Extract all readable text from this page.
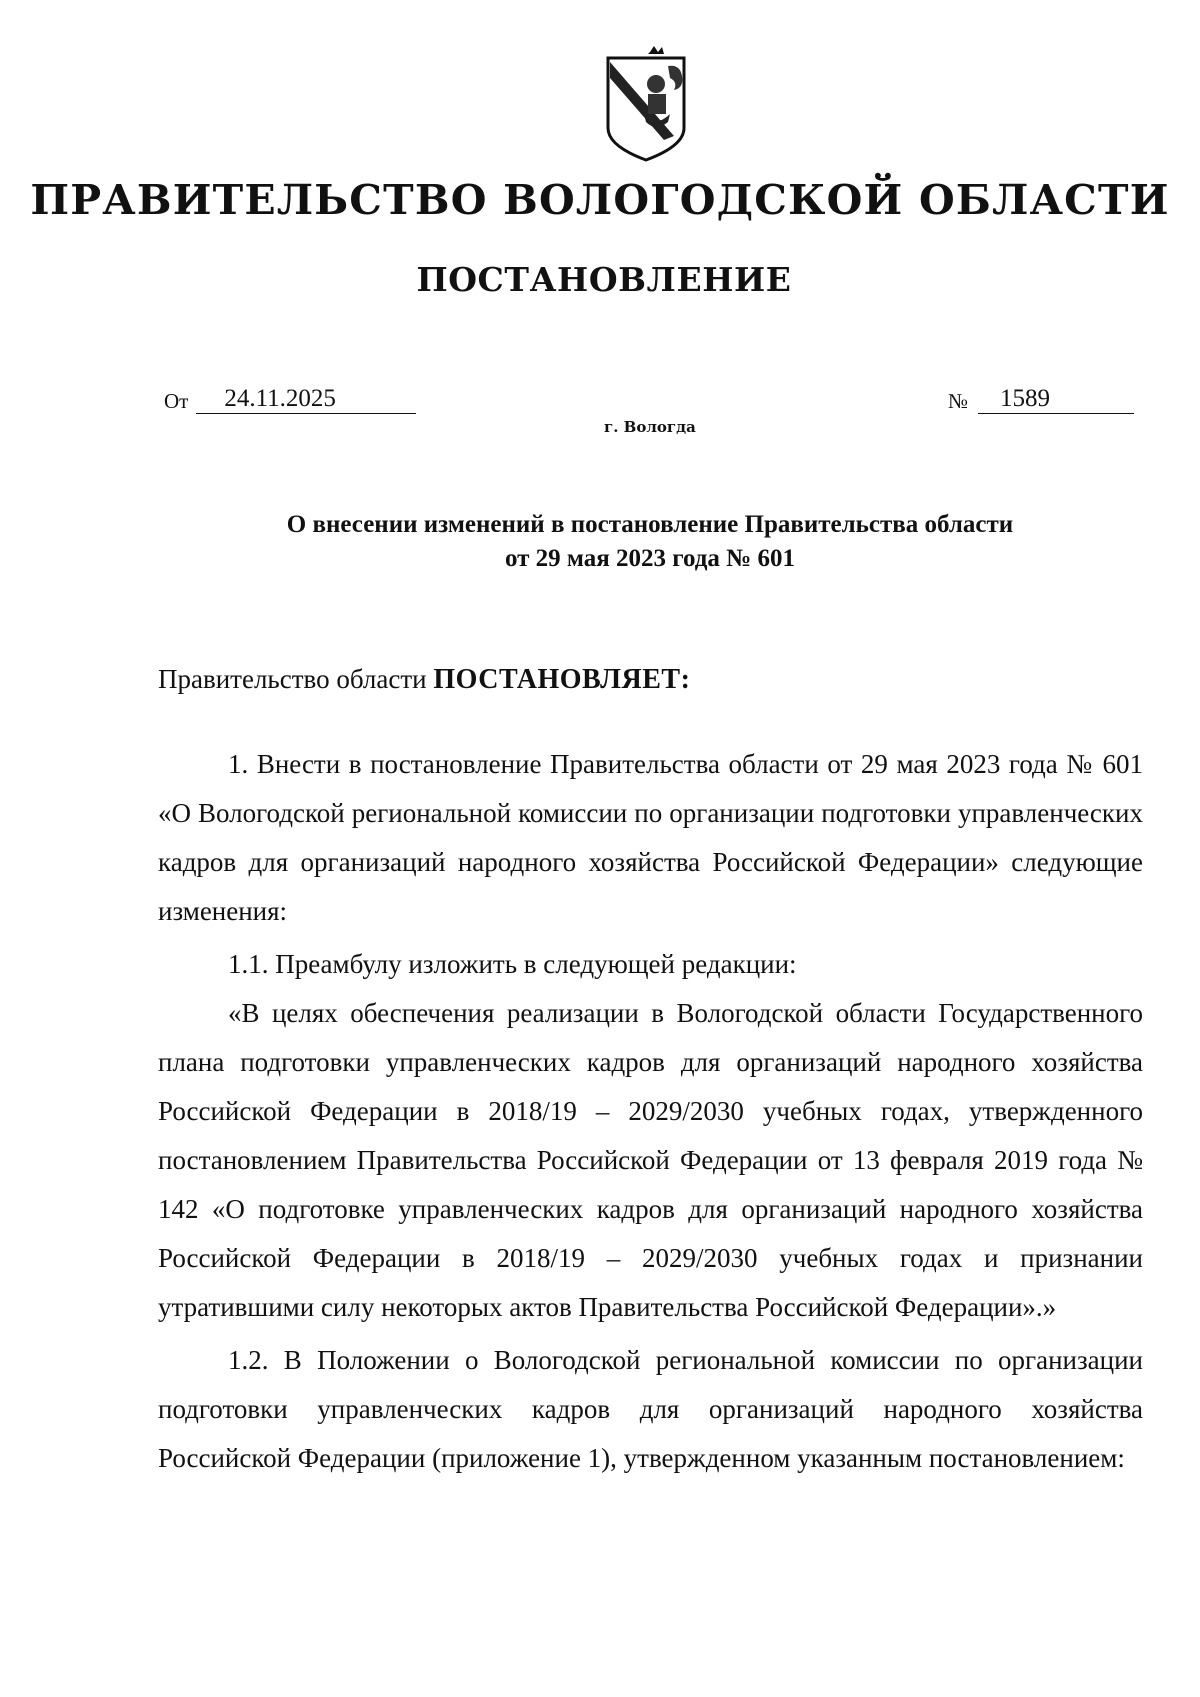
ПРАВИТЕЛЬСТВО ВОЛОГОДСКОЙ ОБЛАСТИ
ПОСТАНОВЛЕНИЕ
От	24.11.2025	№	1589
г. Вологда
О внесении изменений в постановление Правительства области
от 29 мая 2023 года № 601
Правительство области ПОСТАНОВЛЯЕТ:

1. Внести в постановление Правительства области от 29 мая 2023 года № 601 «О Вологодской региональной комиссии по организации подготовки управленческих кадров для организаций народного хозяйства Российской Федерации» следующие изменения:

1.1. Преамбулу изложить в следующей редакции:

«В целях обеспечения реализации в Вологодской области Государственного плана подготовки управленческих кадров для организаций народного хозяйства Российской Федерации в 2018/19 – 2029/2030 учебных годах, утвержденного постановлением Правительства Российской Федерации от 13 февраля 2019 года № 142 «О подготовке управленческих кадров для организаций народного хозяйства Российской Федерации в 2018/19 – 2029/2030 учебных годах и признании утратившими силу некоторых актов Правительства Российской Федерации».»

1.2. В Положении о Вологодской региональной комиссии по организации подготовки управленческих кадров для организаций народного хозяйства Российской Федерации (приложение 1), утвержденном указанным постановлением:
